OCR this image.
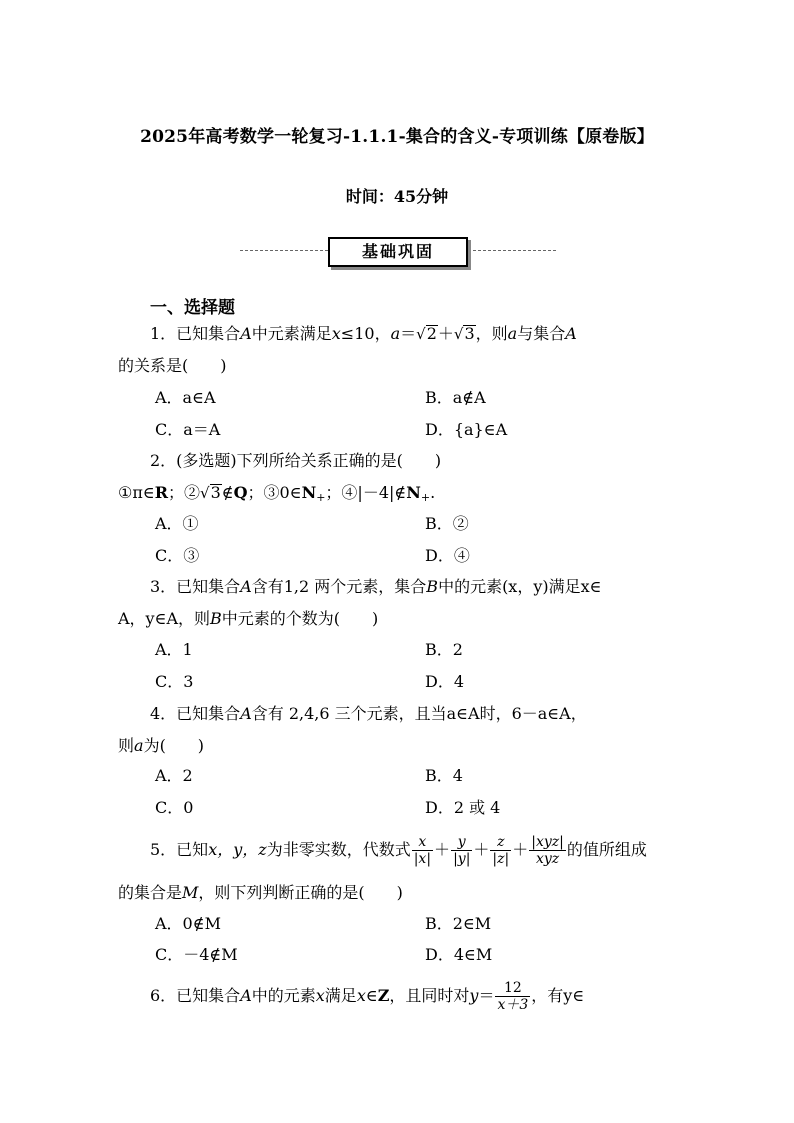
2025年高考数学一轮复习-1.1.1-集合的含义-专项训练【原卷版】
时间：45分钟
基础巩固
一、选择题
1．已知集合A中元素满足x≤10，a＝√2＋√3，则a与集合A
的关系是(　　)
A．a∈A	B．a∉A
C．a＝A	D．{a}∈A
2．(多选题)下列所给关系正确的是(　　)
①π∈R；②√3∉Q；$③0\in N_+$；$④|-4|\notin N_+$.
A．①	B．②
C．③	D．④
3．已知集合A含有1,2 两个元素，集合B中的元素(x，y)满足x∈
A，y∈A，则B中元素的个数为(　　)
A．1	B．2
C．3	D．4
4．已知集合A含有 2,4,6 三个元素，且当a∈A时，6－a∈A，
则a为(　　)
A．2	B．4
C．0	D．2 或 4
5．已知x，y，z为非零实数，代数式 $\frac{x}{|x|} + \frac{y}{|y|} + \frac{z}{|z|} + \frac{\text{|xyz|}}{\text{xyz}}$ 的值所组成
的集合是M，则下列判断正确的是(　　)
A．0∉M	B．2∈M
C．－4∉M	D．4∈M
6．已知集合A中的元素x满足x∈Z，且同时对$y= \frac{12}{x+3}$ ，有y∈
